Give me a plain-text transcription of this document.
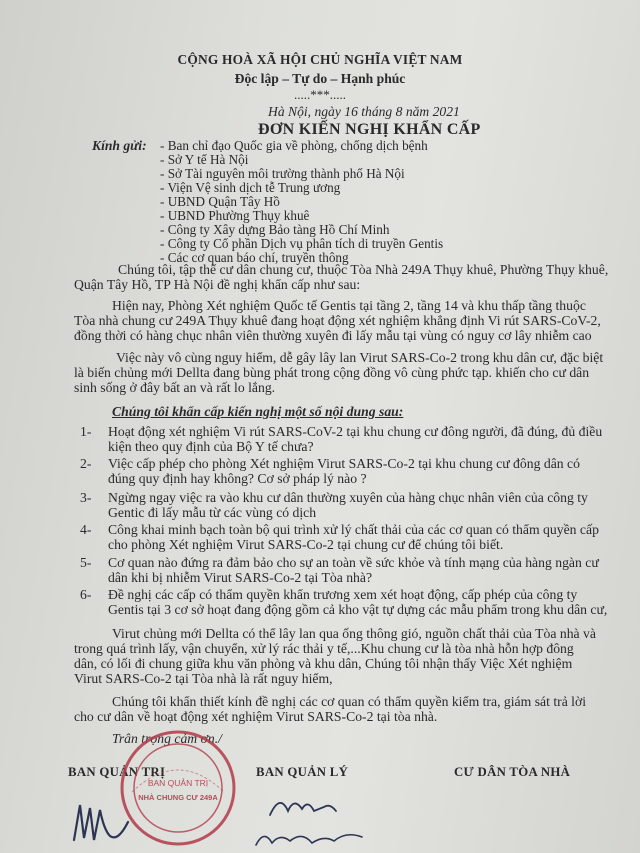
CỘNG HOÀ XÃ HỘI CHỦ NGHĨA VIỆT NAM
Độc lập – Tự do – Hạnh phúc
.....***.....
Hà Nội, ngày 16 tháng 8 năm 2021
ĐƠN KIẾN NGHỊ KHẨN CẤP
Kính gửi: - Ban chỉ đạo Quốc gia về phòng, chống dịch bệnh
- Sở Y tế Hà Nội
- Sở Tài nguyên môi trường thành phố Hà Nội
- Viện Vệ sinh dịch tễ Trung ương
- UBND Quận Tây Hồ
- UBND Phường Thụy khuê
- Công ty Xây dựng Bảo tàng Hồ Chí Minh
- Công ty Cổ phần Dịch vụ phân tích di truyền Gentis
- Các cơ quan báo chí, truyền thông
Chúng tôi, tập thể cư dân chung cư, thuộc Tòa Nhà 249A Thụy khuê, Phường Thụy khuê,
Quận Tây Hồ, TP Hà Nội đề nghị khẩn cấp như sau:
Hiện nay, Phòng Xét nghiệm Quốc tế Gentis tại tầng 2, tầng 14 và khu thấp tầng thuộc
Tòa nhà chung cư 249A Thụy khuê đang hoạt động xét nghiệm khẳng định Vi rút SARS-CoV-2,
đồng thời có hàng chục nhân viên thường xuyên đi lấy mẫu tại vùng có nguy cơ lây nhiễm cao
Việc này vô cùng nguy hiểm, dễ gây lây lan Virut SARS-Co-2 trong khu dân cư, đặc biệt
là biến chủng mới Dellta đang bùng phát trong cộng đồng vô cùng phức tạp. khiến cho cư dân
sinh sống ở đây bất an và rất lo lắng.
Chúng tôi khẩn cấp kiến nghị một số nội dung sau:
1- Hoạt động xét nghiệm Vi rút SARS-CoV-2 tại khu chung cư đông người, đã đúng, đủ điều
kiện theo quy định của Bộ Y tế chưa?
2- Việc cấp phép cho phòng Xét nghiệm Virut SARS-Co-2 tại khu chung cư đông dân có
đúng quy định hay không? Cơ sở pháp lý nào ?
3- Ngừng ngay việc ra vào khu cư dân thường xuyên của hàng chục nhân viên của công ty
Gentic đi lấy mẫu từ các vùng có dịch
4- Công khai minh bạch toàn bộ qui trình xử lý chất thải của các cơ quan có thẩm quyền cấp
cho phòng Xét nghiệm Virut SARS-Co-2 tại chung cư để chúng tôi biết.
5- Cơ quan nào đứng ra đảm bảo cho sự an toàn về sức khỏe và tính mạng của hàng ngàn cư
dân khi bị nhiễm Virut SARS-Co-2 tại Tòa nhà?
6- Đề nghị các cấp có thẩm quyền khẩn trương xem xét hoạt động, cấp phép của công ty
Gentis tại 3 cơ sở hoạt đang động gồm cả kho vật tự dựng các mẫu phẩm trong khu dân cư,
Virut chủng mới Dellta có thể lây lan qua ống thông gió, nguồn chất thải của Tòa nhà và
trong quá trình lấy, vận chuyển, xử lý rác thải y tế,...Khu chung cư là tòa nhà hỗn hợp đông
dân, có lối đi chung giữa khu văn phòng và khu dân, Chúng tôi nhận thấy Việc Xét nghiệm
Virut SARS-Co-2 tại Tòa nhà là rất nguy hiểm,
Chúng tôi khẩn thiết kính đề nghị các cơ quan có thẩm quyền kiểm tra, giám sát trả lời
cho cư dân về hoạt động xét nghiệm Virut SARS-Co-2 tại tòa nhà.
Trân trọng cảm ơn./
BAN QUẢN TRỊ	BAN QUẢN LÝ	CƯ DÂN TÒA NHÀ
BAN QUẢN TRỊ
NHÀ CHUNG CƯ 249A
